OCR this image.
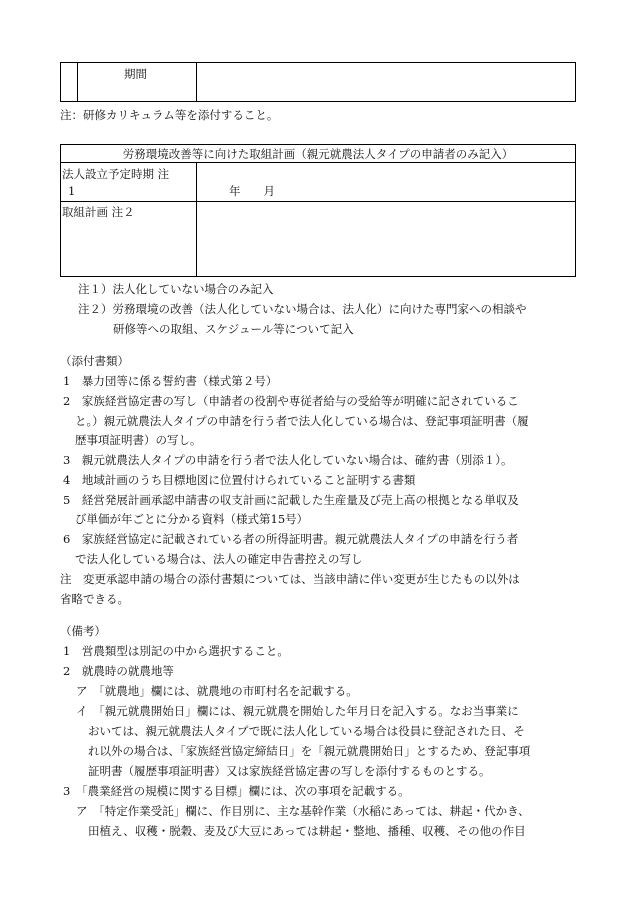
期間
注：研修カリキュラム等を添付すること。
労務環境改善等に向けた取組計画（親元就農法人タイプの申請者のみ記入）
法人設立予定時期 注
1	年　　月
取組計画 注２
注１）法人化していない場合のみ記入
注２）労務環境の改善（法人化していない場合は、法人化）に向けた専門家への相談や
研修等への取組、スケジュール等について記入
（添付書類）
1　暴力団等に係る誓約書（様式第２号）
2　家族経営協定書の写し（申請者の役割や専従者給与の受給等が明確に記されているこ
と。）親元就農法人タイプの申請を行う者で法人化している場合は、登記事項証明書（履
歴事項証明書）の写し。
3　親元就農法人タイプの申請を行う者で法人化していない場合は、確約書（別添１）。
4　地域計画のうち目標地図に位置付けられていること証明する書類
5　経営発展計画承認申請書の収支計画に記載した生産量及び売上高の根拠となる単収及
び単価が年ごとに分かる資料（様式第15号）
6　家族経営協定に記載されている者の所得証明書。親元就農法人タイプの申請を行う者
で法人化している場合は、法人の確定申告書控えの写し
注　変更承認申請の場合の添付書類については、当該申請に伴い変更が生じたもの以外は
省略できる。
（備考）
1　営農類型は別記の中から選択すること。
2　就農時の就農地等
ア　「就農地」欄には、就農地の市町村名を記載する。
イ　「親元就農開始日」欄には、親元就農を開始した年月日を記入する。なお当事業に
おいては、親元就農法人タイプで既に法人化している場合は役員に登記された日、そ
れ以外の場合は、「家族経営協定締結日」を「親元就農開始日」とするため、登記事項
証明書（履歴事項証明書）又は家族経営協定書の写しを添付するものとする。
3　「農業経営の規模に関する目標」欄には、次の事項を記載する。
ア　「特定作業受託」欄に、作目別に、主な基幹作業（水稲にあっては、耕起・代かき、
田植え、収穫・脱穀、麦及び大豆にあっては耕起・整地、播種、収穫、その他の作目
